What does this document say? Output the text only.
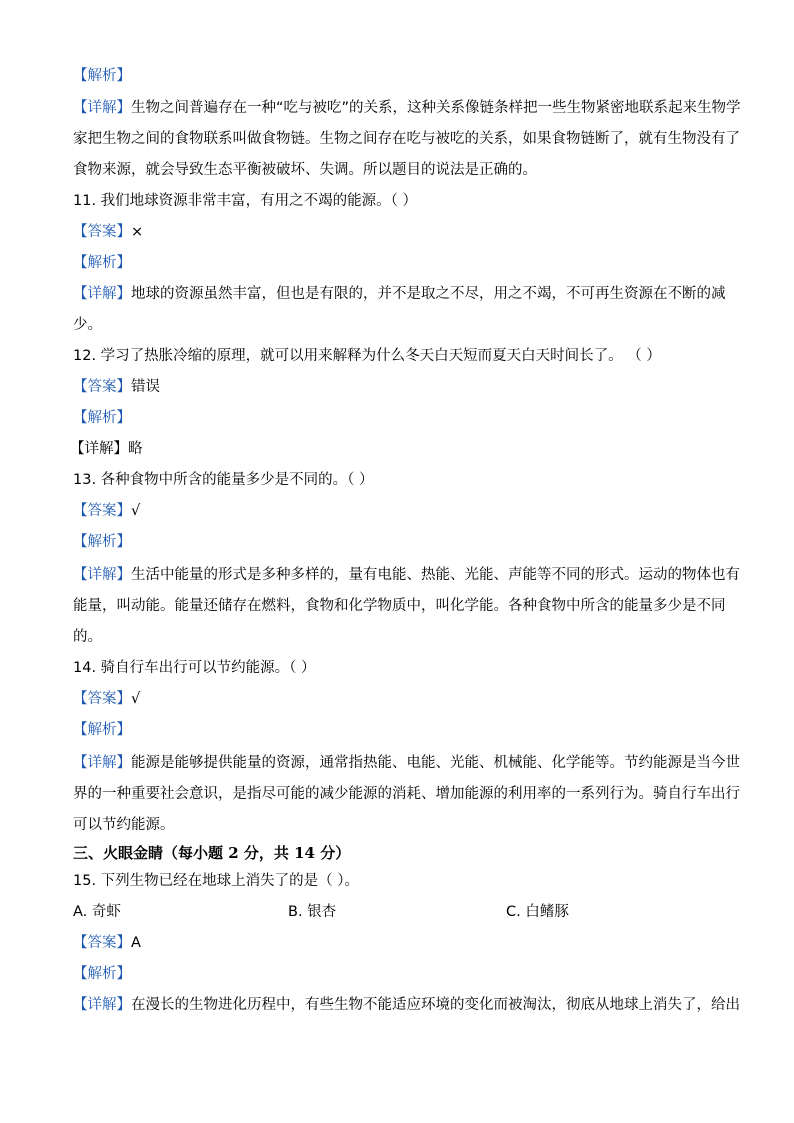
【解析】
【详解】生物之间普遍存在一种“吃与被吃”的关系，这种关系像链条样把一些生物紧密地联系起来生物学
家把生物之间的食物联系叫做食物链。生物之间存在吃与被吃的关系，如果食物链断了，就有生物没有了
食物来源，就会导致生态平衡被破坏、失调。所以题目的说法是正确的。
11. 我们地球资源非常丰富，有用之不竭的能源。（ ）
【答案】×
【解析】
【详解】地球的资源虽然丰富，但也是有限的，并不是取之不尽，用之不竭，不可再生资源在不断的减
少。
12. 学习了热胀冷缩的原理，就可以用来解释为什么冬天白天短而夏天白天时间长了。 （ ）
【答案】错误
【解析】
【详解】略
13. 各种食物中所含的能量多少是不同的。（ ）
【答案】√
【解析】
【详解】生活中能量的形式是多种多样的，量有电能、热能、光能、声能等不同的形式。运动的物体也有
能量，叫动能。能量还储存在燃料，食物和化学物质中，叫化学能。各种食物中所含的能量多少是不同
的。
14. 骑自行车出行可以节约能源。（ ）
【答案】√
【解析】
【详解】能源是能够提供能量的资源，通常指热能、电能、光能、机械能、化学能等。节约能源是当今世
界的一种重要社会意识，是指尽可能的减少能源的消耗、增加能源的利用率的一系列行为。骑自行车出行
可以节约能源。
三、火眼金睛（每小题 2 分，共 14 分）
15. 下列生物已经在地球上消失了的是（ ）。
A. 奇虾	B. 银杏	C. 白鳍豚
【答案】A
【解析】
【详解】在漫长的生物进化历程中，有些生物不能适应环境的变化而被淘汰，彻底从地球上消失了，给出
